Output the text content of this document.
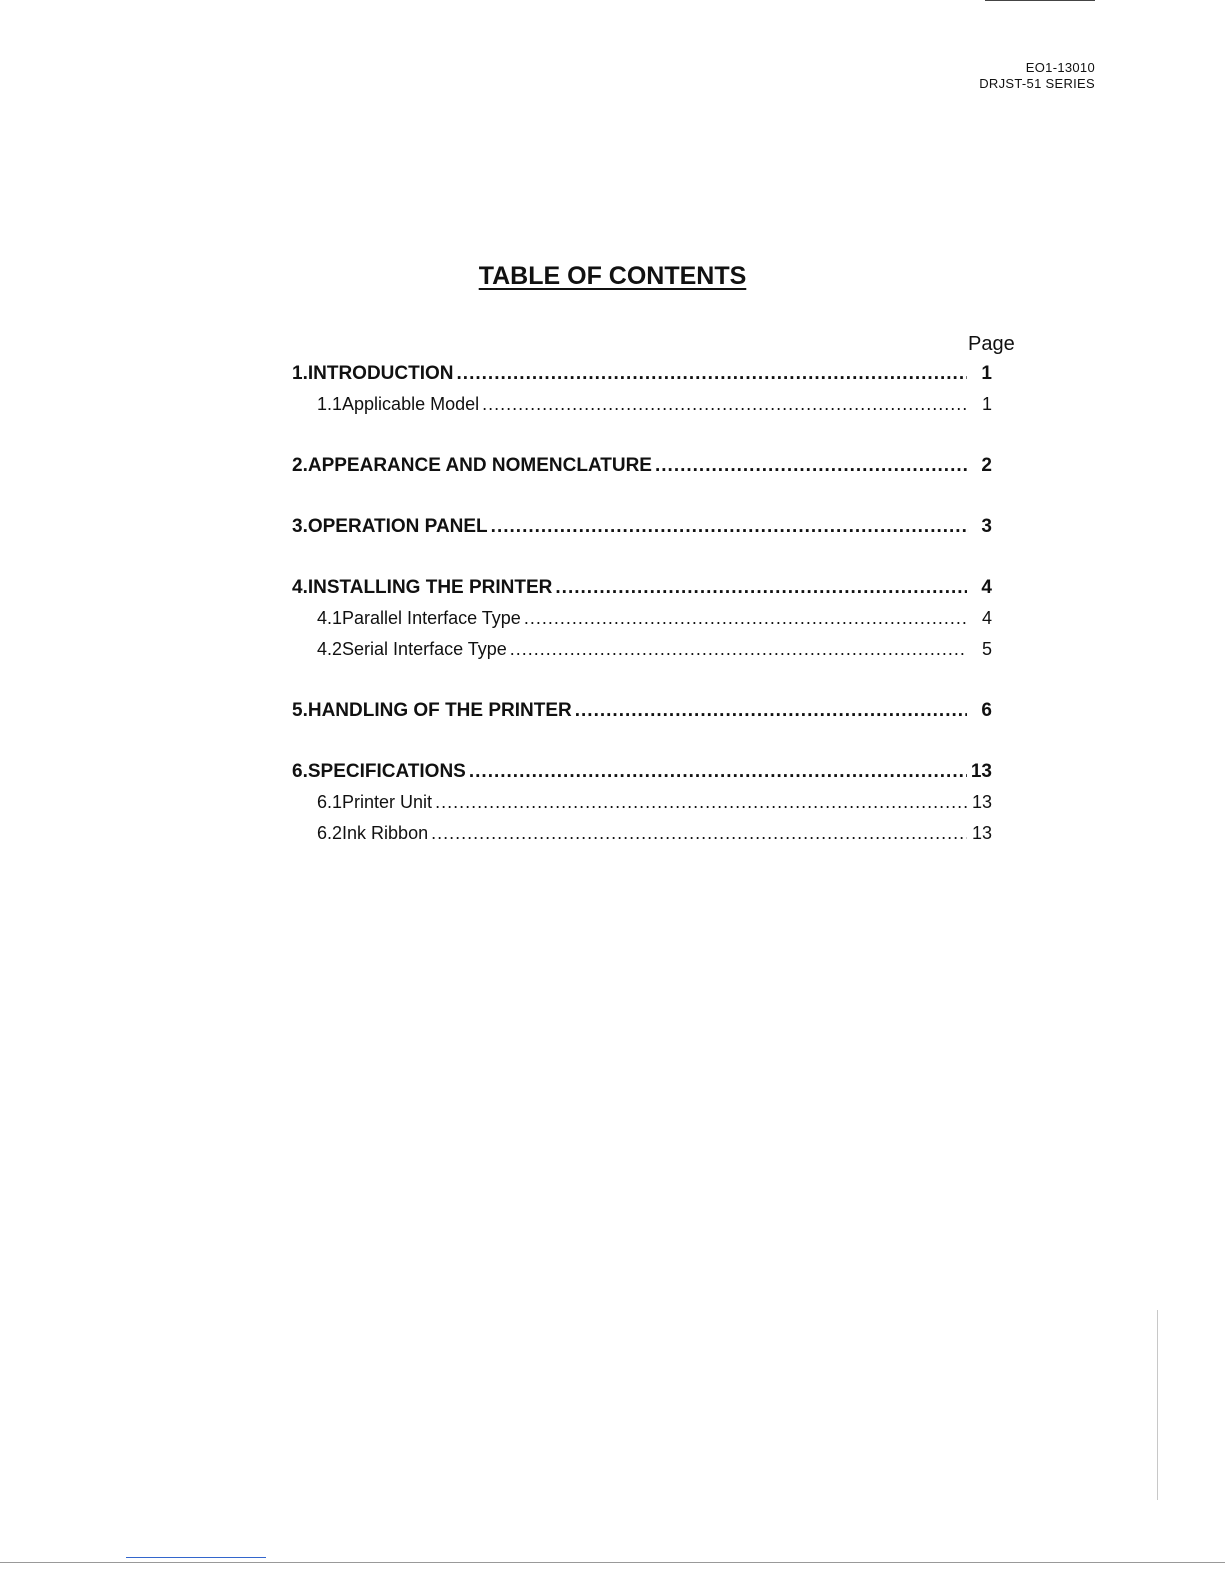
EO1-13010
DRJST-51 SERIES
TABLE OF CONTENTS
Page
1. INTRODUCTION .....	1
1.1 Applicable Model .....	1
2. APPEARANCE AND NOMENCLATURE .....	2
3. OPERATION PANEL .....	3
4. INSTALLING THE PRINTER .....	4
4.1 Parallel Interface Type .....	4
4.2 Serial Interface Type .....	5
5. HANDLING OF THE PRINTER .....	6
6. SPECIFICATIONS .....	13
6.1 Printer Unit .....	13
6.2 Ink Ribbon .....	13
